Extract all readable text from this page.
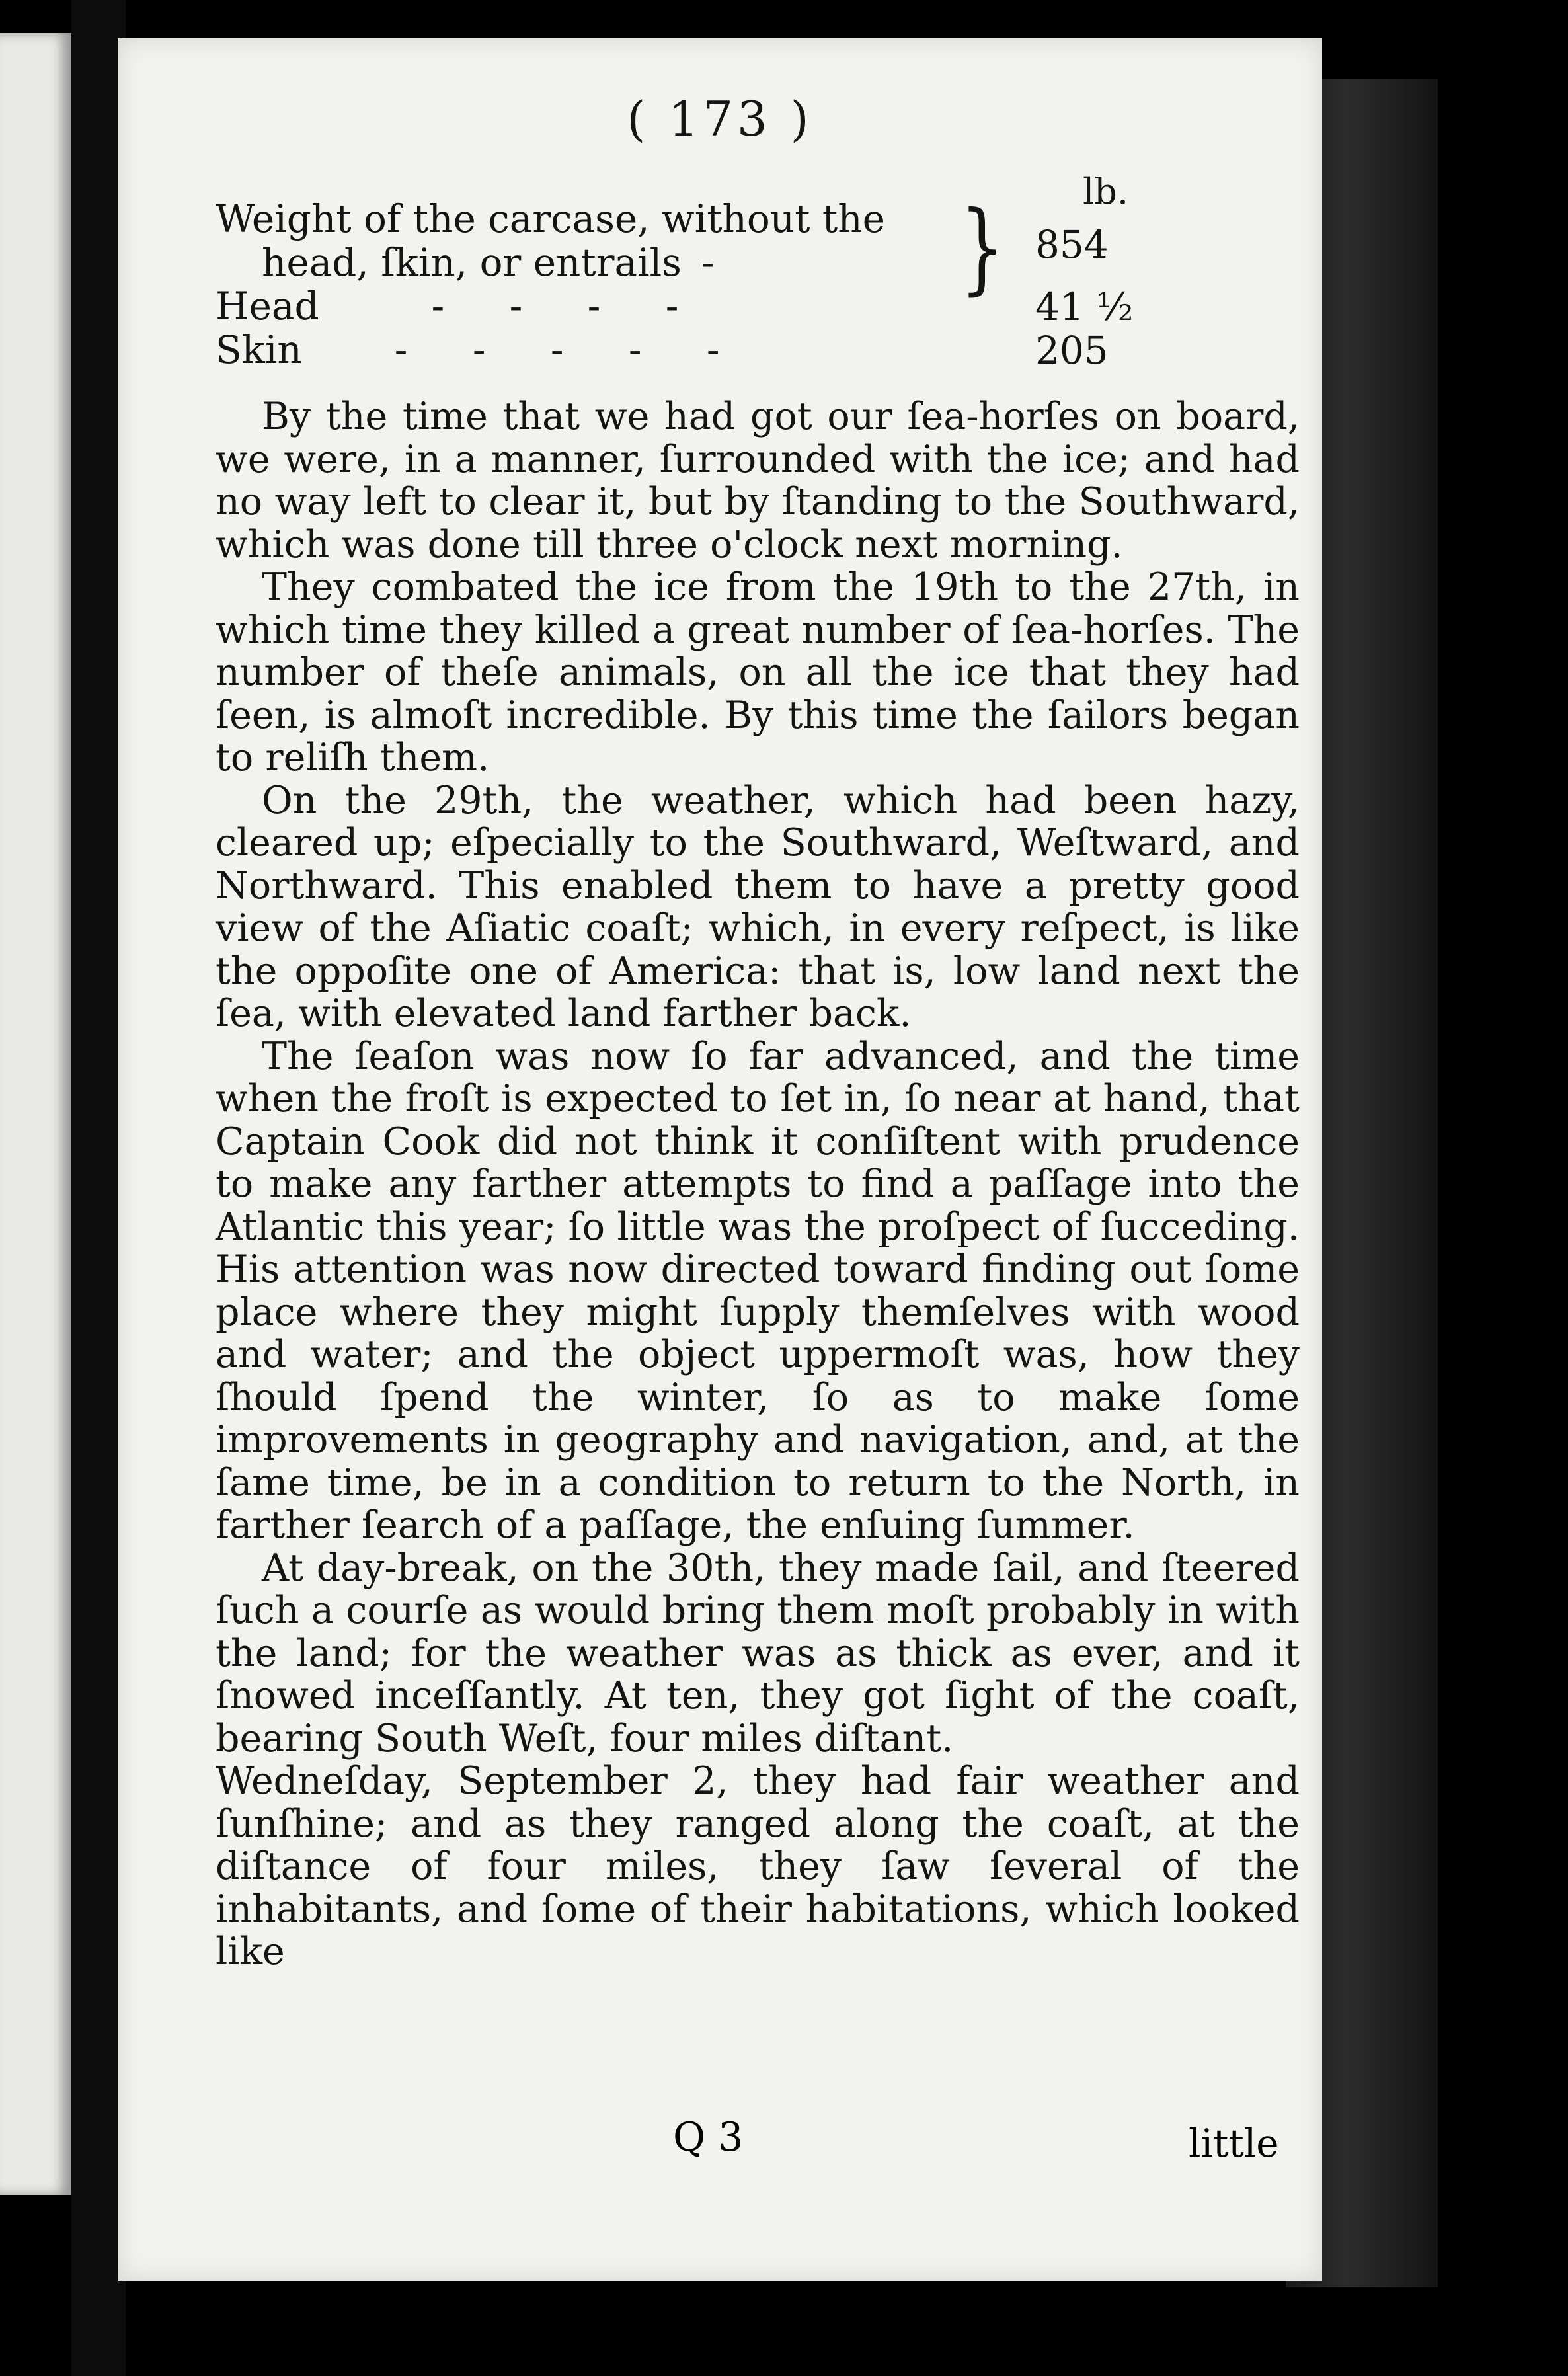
( 173 )
lb.
Weight of the carcase, without the
head, ſkin, or entrails - } 854
Head	- - - -	41 ½
Skin - - - - -	205

By the time that we had got our ſea-horſes on board, we were, in a manner, ſurrounded with the ice; and had no way left to clear it, but by ſtanding to the Southward, which was done till three o'clock next morning.

They combated the ice from the 19th to the 27th, in which time they killed a great number of ſea-horſes. The number of theſe animals, on all the ice that they had ſeen, is almoſt incredible. By this time the ſailors began to reliſh them.

On the 29th, the weather, which had been hazy, cleared up; eſpecially to the Southward, Weſtward, and Northward. This enabled them to have a pretty good view of the Aſiatic coaſt; which, in every reſpect, is like the oppoſite one of America: that is, low land next the ſea, with elevated land farther back.

The ſeaſon was now ſo far advanced, and the time when the froſt is expected to ſet in, ſo near at hand, that Captain Cook did not think it conſiſtent with prudence to make any farther attempts to find a paſſage into the Atlantic this year; ſo little was the proſpect of ſucceding. His attention was now directed toward finding out ſome place where they might ſupply themſelves with wood and water; and the object uppermoſt was, how they ſhould ſpend the winter, ſo as to make ſome improvements in geography and navigation, and, at the ſame time, be in a condition to return to the North, in farther ſearch of a paſſage, the enſuing ſummer.

At day-break, on the 30th, they made ſail, and ſteered ſuch a courſe as would bring them moſt probably in with the land; for the weather was as thick as ever, and it ſnowed inceſſantly. At ten, they got ſight of the coaſt, bearing South Weſt, four miles diſtant.

Wedneſday, September 2, they had fair weather and ſunſhine; and as they ranged along the coaſt, at the diſtance of four miles, they ſaw ſeveral of the inhabitants, and ſome of their habitations, which looked like

Q 3	little
